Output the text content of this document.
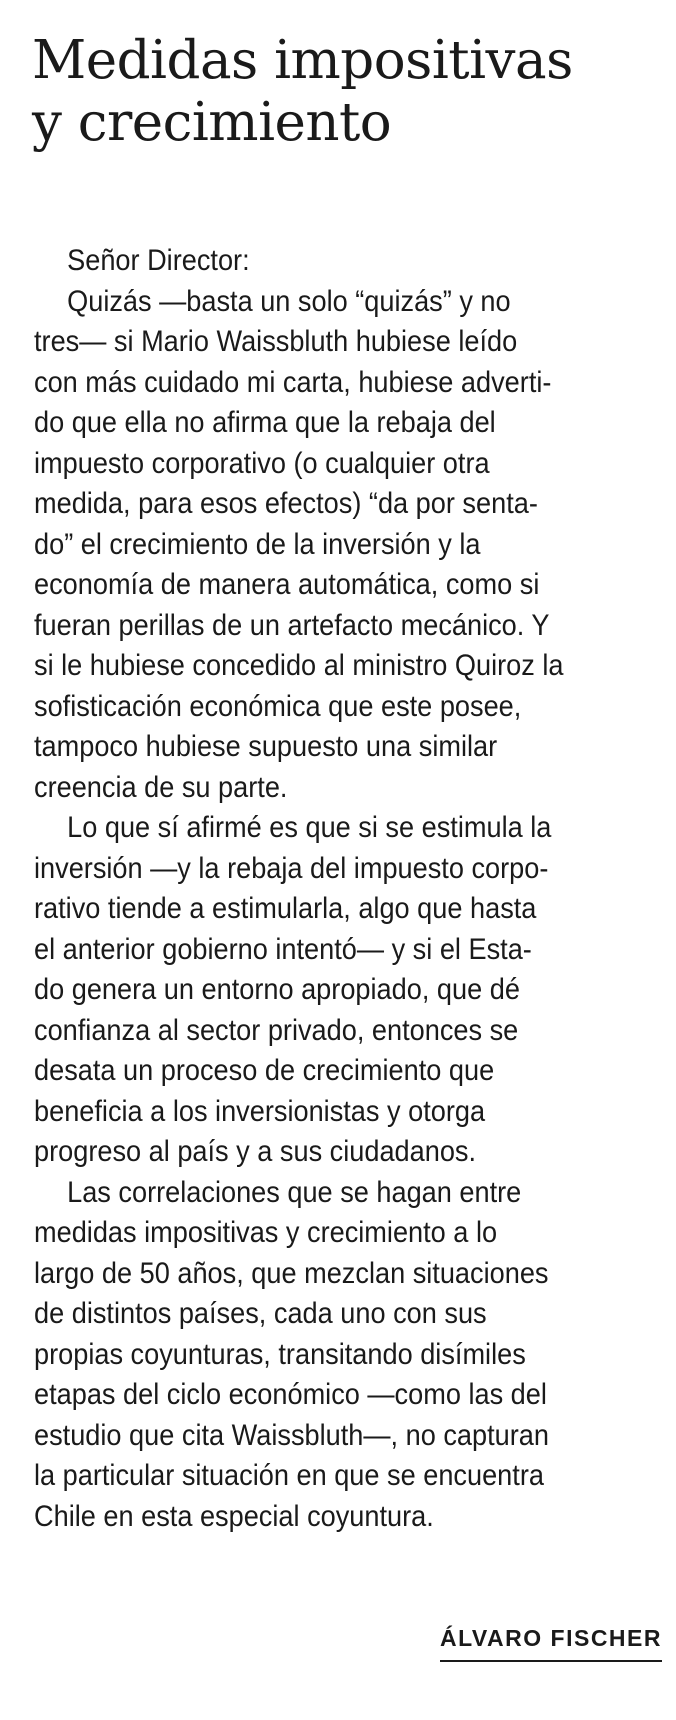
Medidas impositivas
y crecimiento
Señor Director:
Quizás —basta un solo “quizás” y no
tres— si Mario Waissbluth hubiese leído
con más cuidado mi carta, hubiese adverti-
do que ella no afirma que la rebaja del
impuesto corporativo (o cualquier otra
medida, para esos efectos) “da por senta-
do” el crecimiento de la inversión y la
economía de manera automática, como si
fueran perillas de un artefacto mecánico. Y
si le hubiese concedido al ministro Quiroz la
sofisticación económica que este posee,
tampoco hubiese supuesto una similar
creencia de su parte.
Lo que sí afirmé es que si se estimula la
inversión —y la rebaja del impuesto corpo-
rativo tiende a estimularla, algo que hasta
el anterior gobierno intentó— y si el Esta-
do genera un entorno apropiado, que dé
confianza al sector privado, entonces se
desata un proceso de crecimiento que
beneficia a los inversionistas y otorga
progreso al país y a sus ciudadanos.
Las correlaciones que se hagan entre
medidas impositivas y crecimiento a lo
largo de 50 años, que mezclan situaciones
de distintos países, cada uno con sus
propias coyunturas, transitando disímiles
etapas del ciclo económico —como las del
estudio que cita Waissbluth—, no capturan
la particular situación en que se encuentra
Chile en esta especial coyuntura.
ÁLVARO FISCHER
